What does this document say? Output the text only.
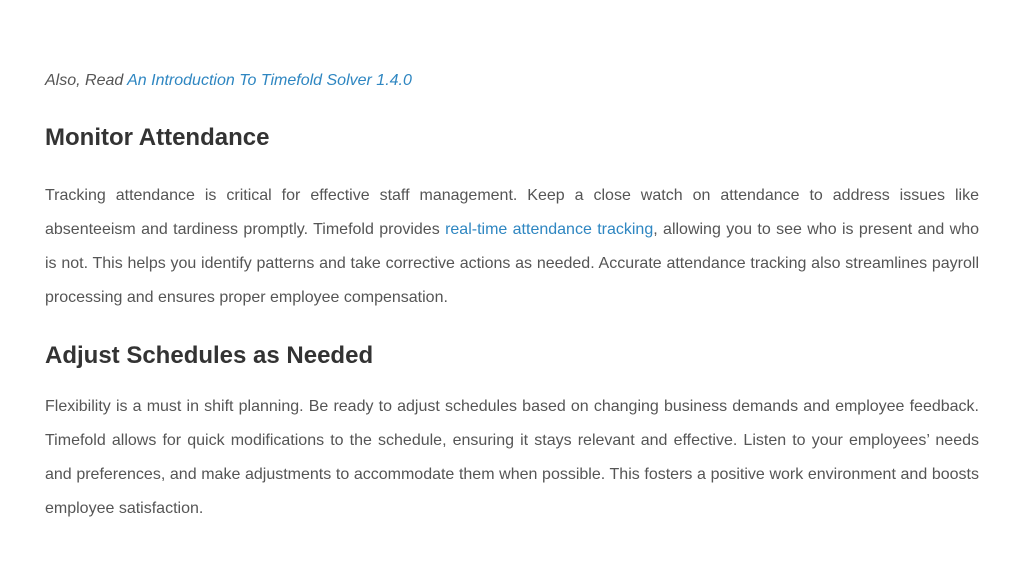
Also, Read An Introduction To Timefold Solver 1.4.0

Monitor Attendance

Tracking attendance is critical for effective staff management. Keep a close watch on attendance to address issues like absenteeism and tardiness promptly. Timefold provides real-time attendance tracking, allowing you to see who is present and who is not. This helps you identify patterns and take corrective actions as needed. Accurate attendance tracking also streamlines payroll processing and ensures proper employee compensation.

Adjust Schedules as Needed

Flexibility is a must in shift planning. Be ready to adjust schedules based on changing business demands and employee feedback. Timefold allows for quick modifications to the schedule, ensuring it stays relevant and effective. Listen to your employees’ needs and preferences, and make adjustments to accommodate them when possible. This fosters a positive work environment and boosts employee satisfaction.
